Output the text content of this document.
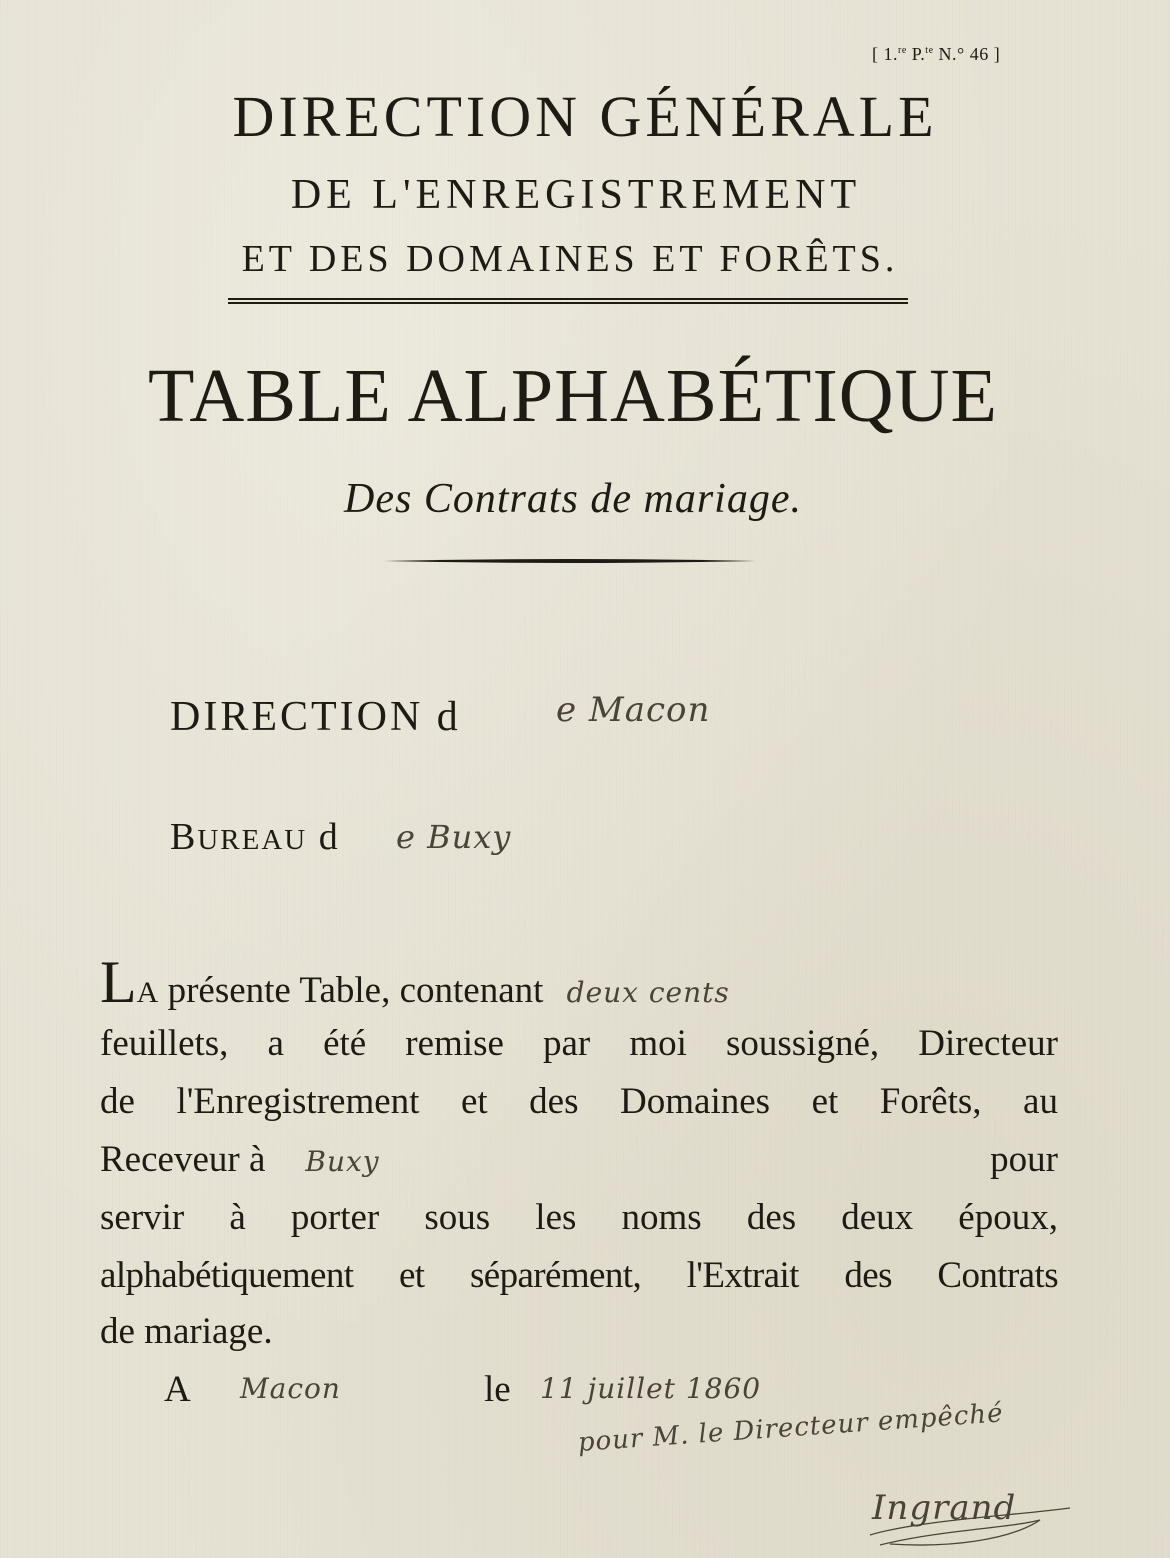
[ 1.$^{re}$ P.$^{te}$ N.° 46 ]
DIRECTION GÉNÉRALE
DE L'ENREGISTREMENT
ET DES DOMAINES ET FORÊTS.
TABLE ALPHABÉTIQUE
Des Contrats de mariage.
DIRECTION d	e Macon
BUREAU d e Buxy
LA présente Table, contenant deux cents
feuillets, a été remise par moi soussigné, Directeur
de l'Enregistrement et des Domaines et Forêts, au
Receveur à Buxy	pour
servir à porter sous les noms des deux époux,
alphabétiquement et séparément, l'Extrait des Contrats
de mariage.
A Macon	le 11 juillet 1860
pour M. le Directeur empêché
Ingrand
